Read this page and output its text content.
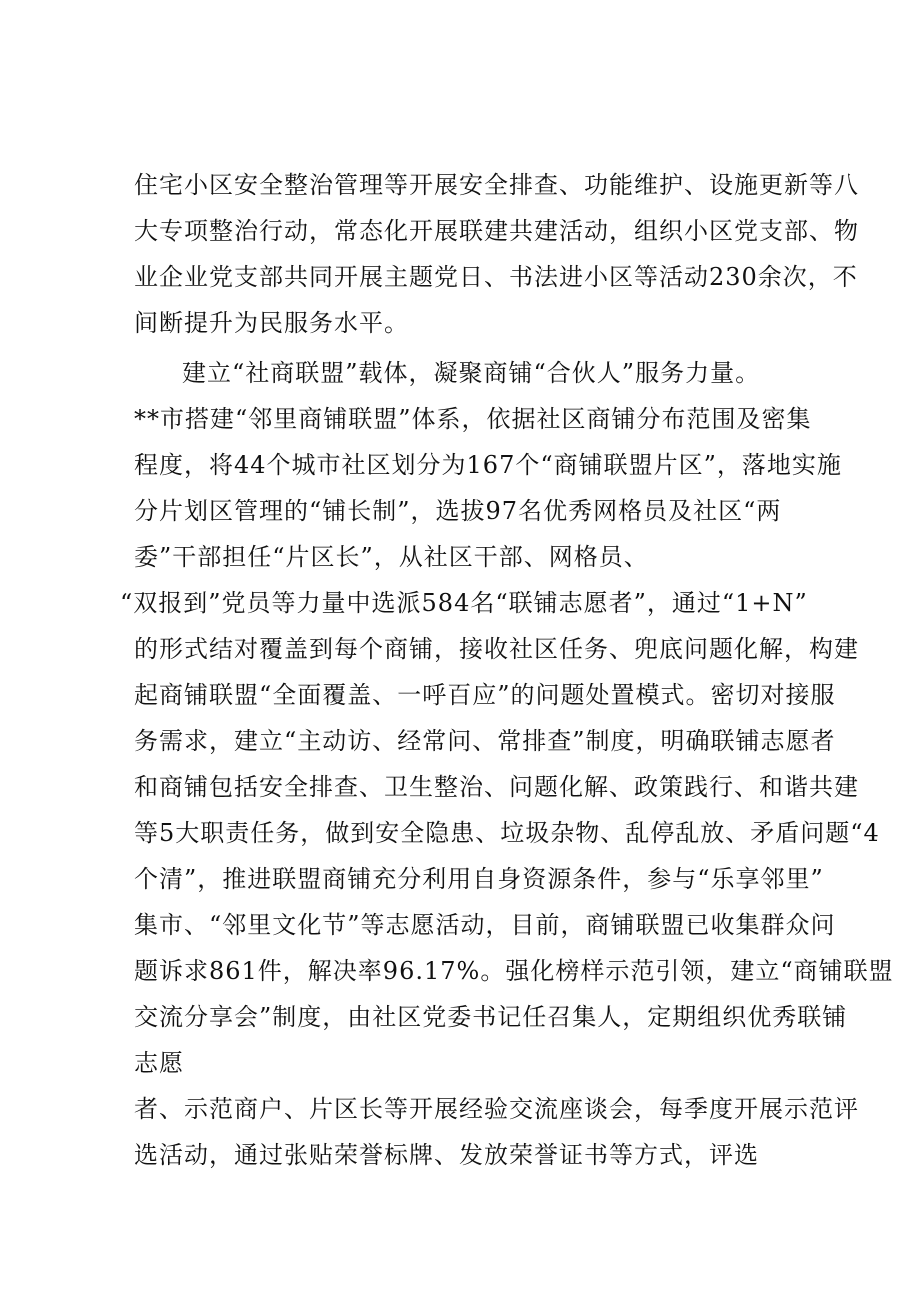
住宅小区安全整治管理等开展安全排查、功能维护、设施更新等八
大专项整治行动，常态化开展联建共建活动，组织小区党支部、物
业企业党支部共同开展主题党日、书法进小区等活动230余次，不
间断提升为民服务水平。
建立“社商联盟”载体，凝聚商铺“合伙人”服务力量。
**市搭建“邻里商铺联盟”体系，依据社区商铺分布范围及密集
程度，将44个城市社区划分为167个“商铺联盟片区”，落地实施
分片划区管理的“铺长制”，选拔97名优秀网格员及社区“两
委”干部担任“片区长”，从社区干部、网格员、
“双报到”党员等力量中选派584名“联铺志愿者”，通过“1+N”
的形式结对覆盖到每个商铺，接收社区任务、兜底问题化解，构建
起商铺联盟“全面覆盖、一呼百应”的问题处置模式。密切对接服
务需求，建立“主动访、经常问、常排查”制度，明确联铺志愿者
和商铺包括安全排查、卫生整治、问题化解、政策践行、和谐共建
等5大职责任务，做到安全隐患、垃圾杂物、乱停乱放、矛盾问题“4
个清”，推进联盟商铺充分利用自身资源条件，参与“乐享邻里”
集市、“邻里文化节”等志愿活动，目前，商铺联盟已收集群众问
题诉求861件，解决率96.17%。强化榜样示范引领，建立“商铺联盟
交流分享会”制度，由社区党委书记任召集人，定期组织优秀联铺
志愿
者、示范商户、片区长等开展经验交流座谈会，每季度开展示范评
选活动，通过张贴荣誉标牌、发放荣誉证书等方式，评选
